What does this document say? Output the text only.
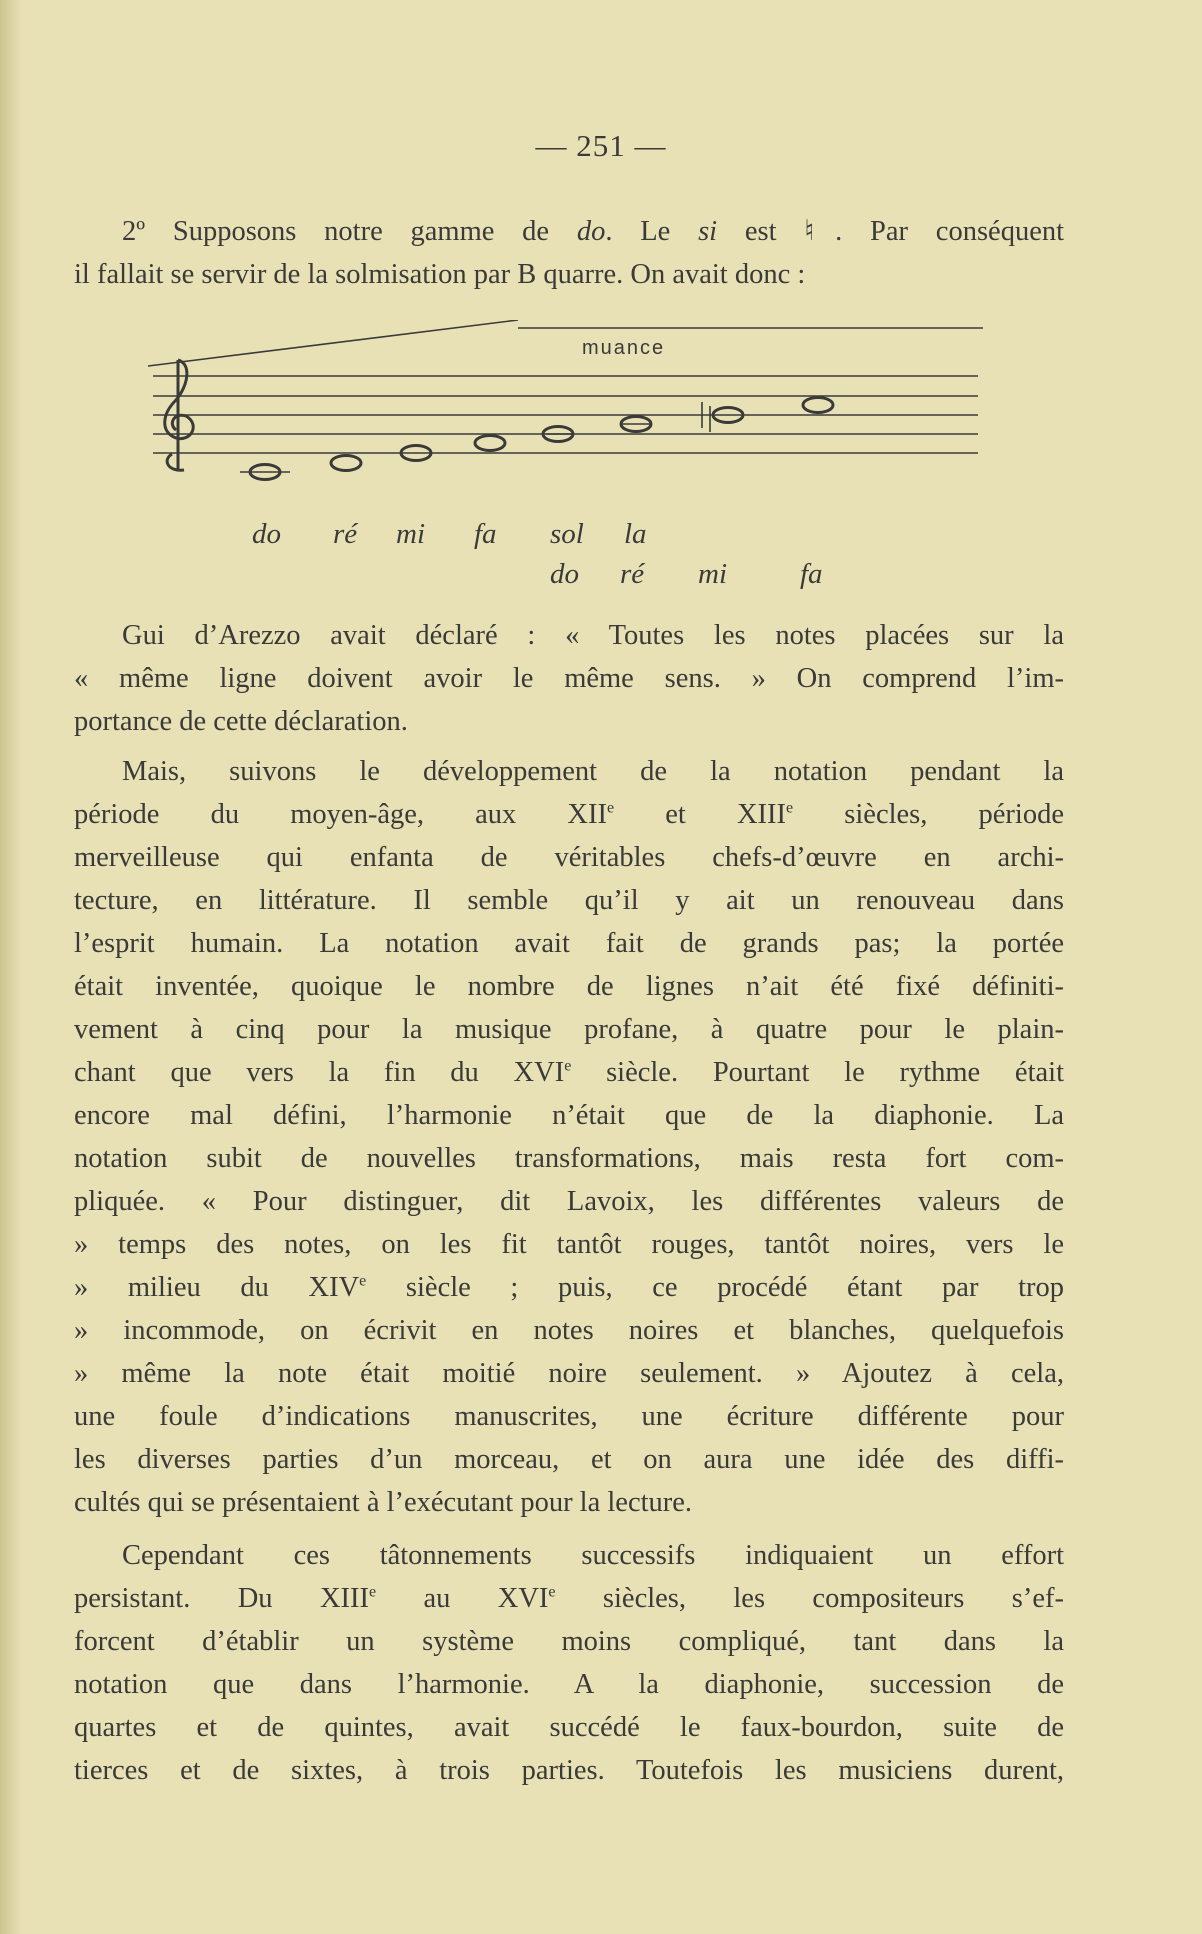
— 251 —
2º Supposons notre gamme de do. Le si est ♮. Par conséquent
il fallait se servir de la solmisation par B quarre. On avait donc :
muance
do ré mi fa sol la
do ré mi	fa
Gui d’Arezzo avait déclaré : « Toutes les notes placées sur la
« même ligne doivent avoir le même sens. » On comprend l’im-
portance de cette déclaration.
Mais, suivons le développement de la notation pendant la
période du moyen-âge, aux XIIe et XIIIe siècles, période
merveilleuse qui enfanta de véritables chefs-d’œuvre en archi-
tecture, en littérature. Il semble qu’il y ait un renouveau dans
l’esprit humain. La notation avait fait de grands pas; la portée
était inventée, quoique le nombre de lignes n’ait été fixé définiti-
vement à cinq pour la musique profane, à quatre pour le plain-
chant que vers la fin du XVIe siècle. Pourtant le rythme était
encore mal défini, l’harmonie n’était que de la diaphonie. La
notation subit de nouvelles transformations, mais resta fort com-
pliquée. « Pour distinguer, dit Lavoix, les différentes valeurs de
» temps des notes, on les fit tantôt rouges, tantôt noires, vers le
» milieu du XIVe siècle ; puis, ce procédé étant par trop
» incommode, on écrivit en notes noires et blanches, quelquefois
» même la note était moitié noire seulement. » Ajoutez à cela,
une foule d’indications manuscrites, une écriture différente pour
les diverses parties d’un morceau, et on aura une idée des diffi-
cultés qui se présentaient à l’exécutant pour la lecture.
Cependant ces tâtonnements successifs indiquaient un effort
persistant. Du XIIIe au XVIe siècles, les compositeurs s’ef-
forcent d’établir un système moins compliqué, tant dans la
notation que dans l’harmonie. A la diaphonie, succession de
quartes et de quintes, avait succédé le faux-bourdon, suite de
tierces et de sixtes, à trois parties. Toutefois les musiciens durent,
